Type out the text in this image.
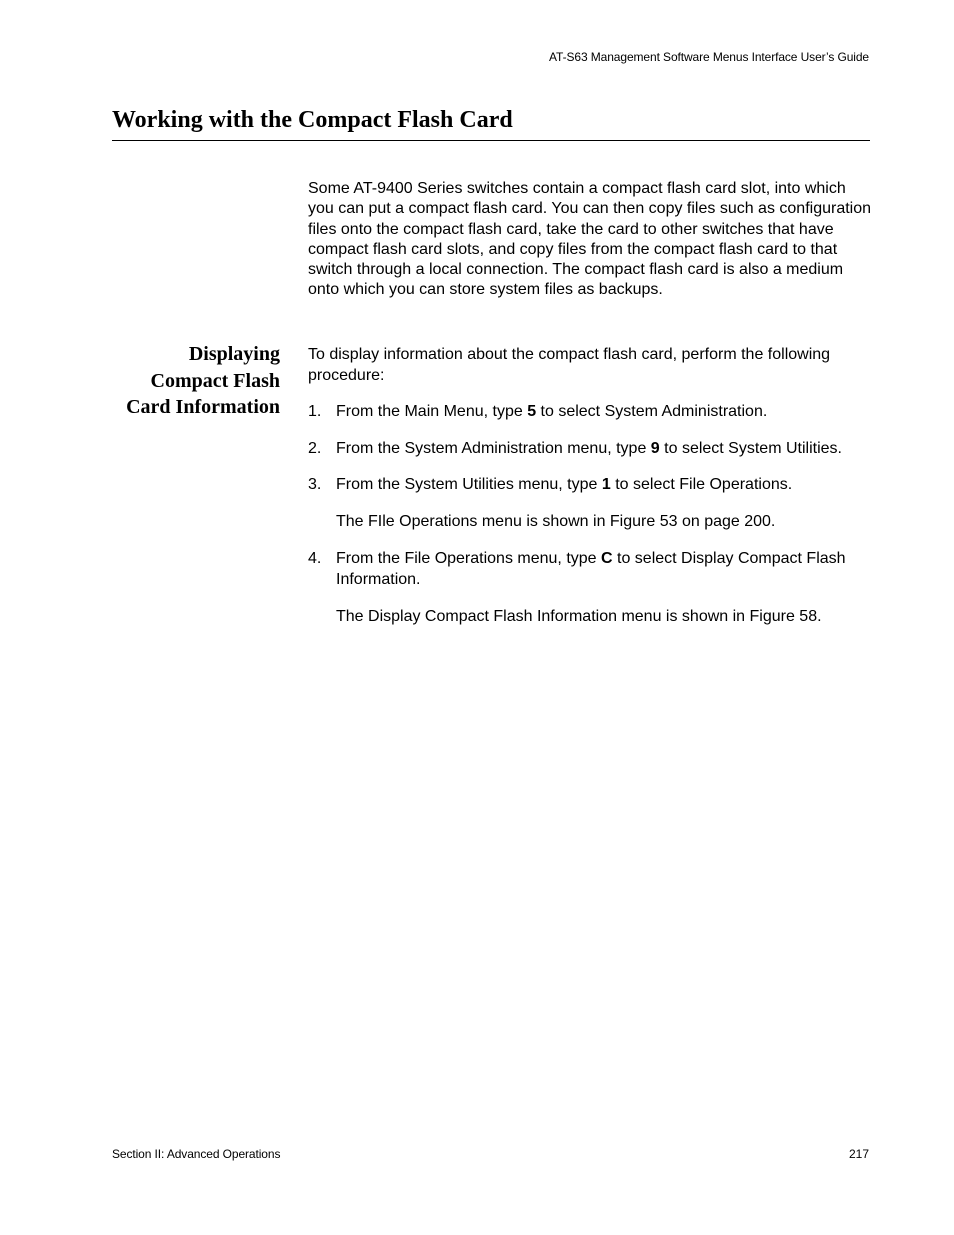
AT-S63 Management Software Menus Interface User’s Guide
Working with the Compact Flash Card

Some AT-9400 Series switches contain a compact flash card slot, into which you can put a compact flash card. You can then copy files such as configuration files onto the compact flash card, take the card to other switches that have compact flash card slots, and copy files from the compact flash card to that switch through a local connection. The compact flash card is also a medium onto which you can store system files as backups.

Displaying
Compact Flash
Card Information

To display information about the compact flash card, perform the following procedure:

1. From the Main Menu, type 5 to select System Administration.

2. From the System Administration menu, type 9 to select System Utilities.

3. From the System Utilities menu, type 1 to select File Operations.

The FIle Operations menu is shown in Figure 53 on page 200.

4. From the File Operations menu, type C to select Display Compact Flash Information.

The Display Compact Flash Information menu is shown in Figure 58.

Section II: Advanced Operations	217
